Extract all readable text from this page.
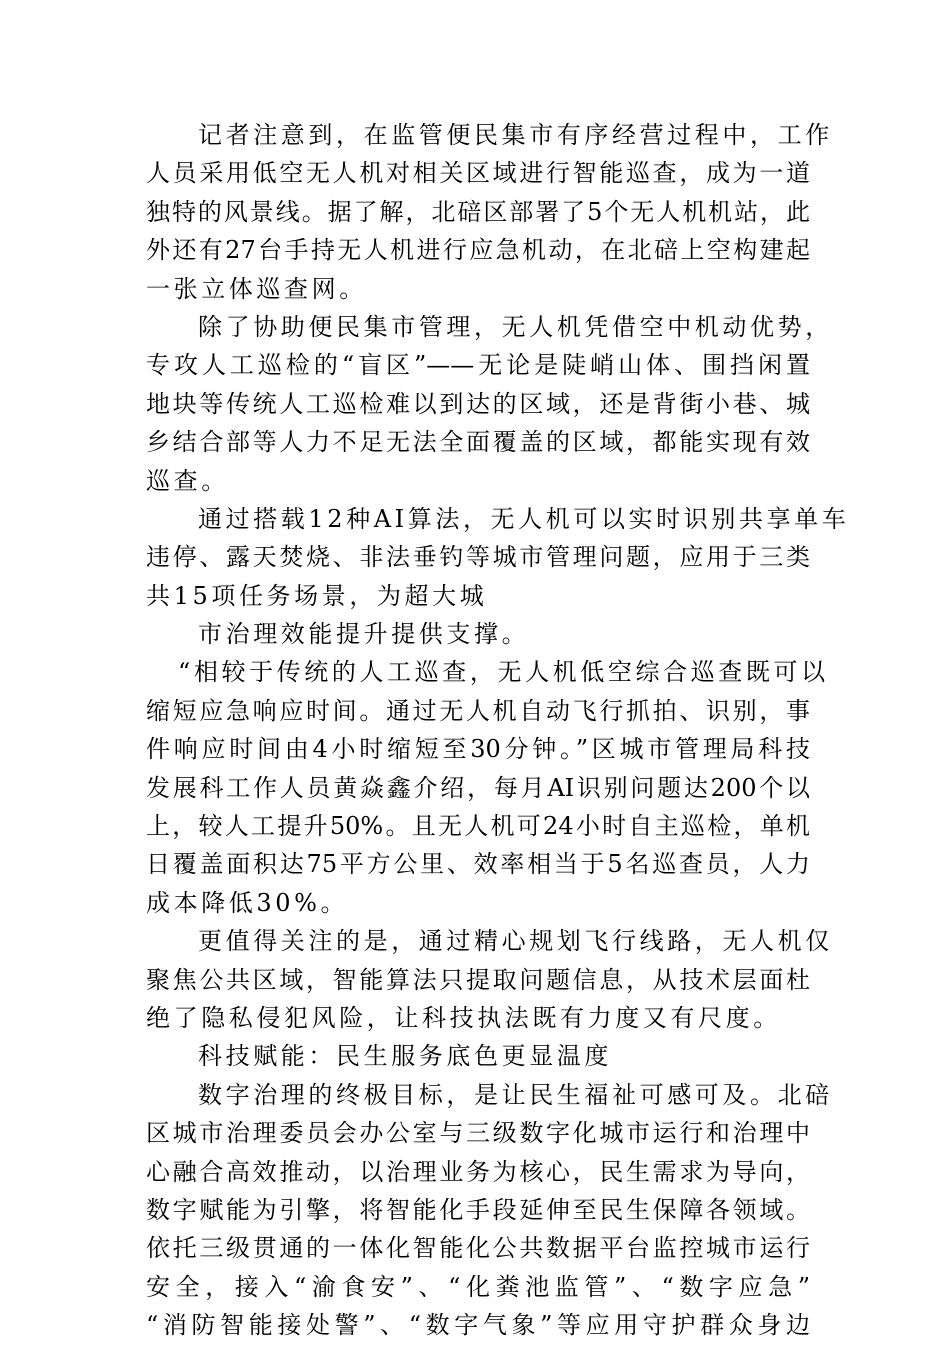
记者注意到，在监管便民集市有序经营过程中，工作
人员采用低空无人机对相关区域进行智能巡查，成为一道
独特的风景线。据了解，北碚区部署了5个无人机机站，此
外还有27台手持无人机进行应急机动，在北碚上空构建起
一张立体巡查网。
除了协助便民集市管理，无人机凭借空中机动优势，
专攻人工巡检的“盲区”——无论是陡峭山体、围挡闲置
地块等传统人工巡检难以到达的区域，还是背街小巷、城
乡结合部等人力不足无法全面覆盖的区域，都能实现有效
巡查。
通过搭载12种AI算法，无人机可以实时识别共享单车
违停、露天焚烧、非法垂钓等城市管理问题，应用于三类
共15项任务场景，为超大城
市治理效能提升提供支撑。
“相较于传统的人工巡查，无人机低空综合巡查既可以
缩短应急响应时间。通过无人机自动飞行抓拍、识别，事
件响应时间由4小时缩短至30分钟。”区城市管理局科技
发展科工作人员黄焱鑫介绍，每月AI识别问题达200个以
上，较人工提升50%。且无人机可24小时自主巡检，单机
日覆盖面积达75平方公里、效率相当于5名巡查员，人力
成本降低30%。
更值得关注的是，通过精心规划飞行线路，无人机仅
聚焦公共区域，智能算法只提取问题信息，从技术层面杜
绝了隐私侵犯风险，让科技执法既有力度又有尺度。
科技赋能：民生服务底色更显温度
数字治理的终极目标，是让民生福祉可感可及。北碚
区城市治理委员会办公室与三级数字化城市运行和治理中
心融合高效推动，以治理业务为核心，民生需求为导向，
数字赋能为引擎，将智能化手段延伸至民生保障各领域。
依托三级贯通的一体化智能化公共数据平台监控城市运行
安全，接入“渝食安”、“化粪池监管”、“数字应急”
“消防智能接处警”、“数字气象”等应用守护群众身边
